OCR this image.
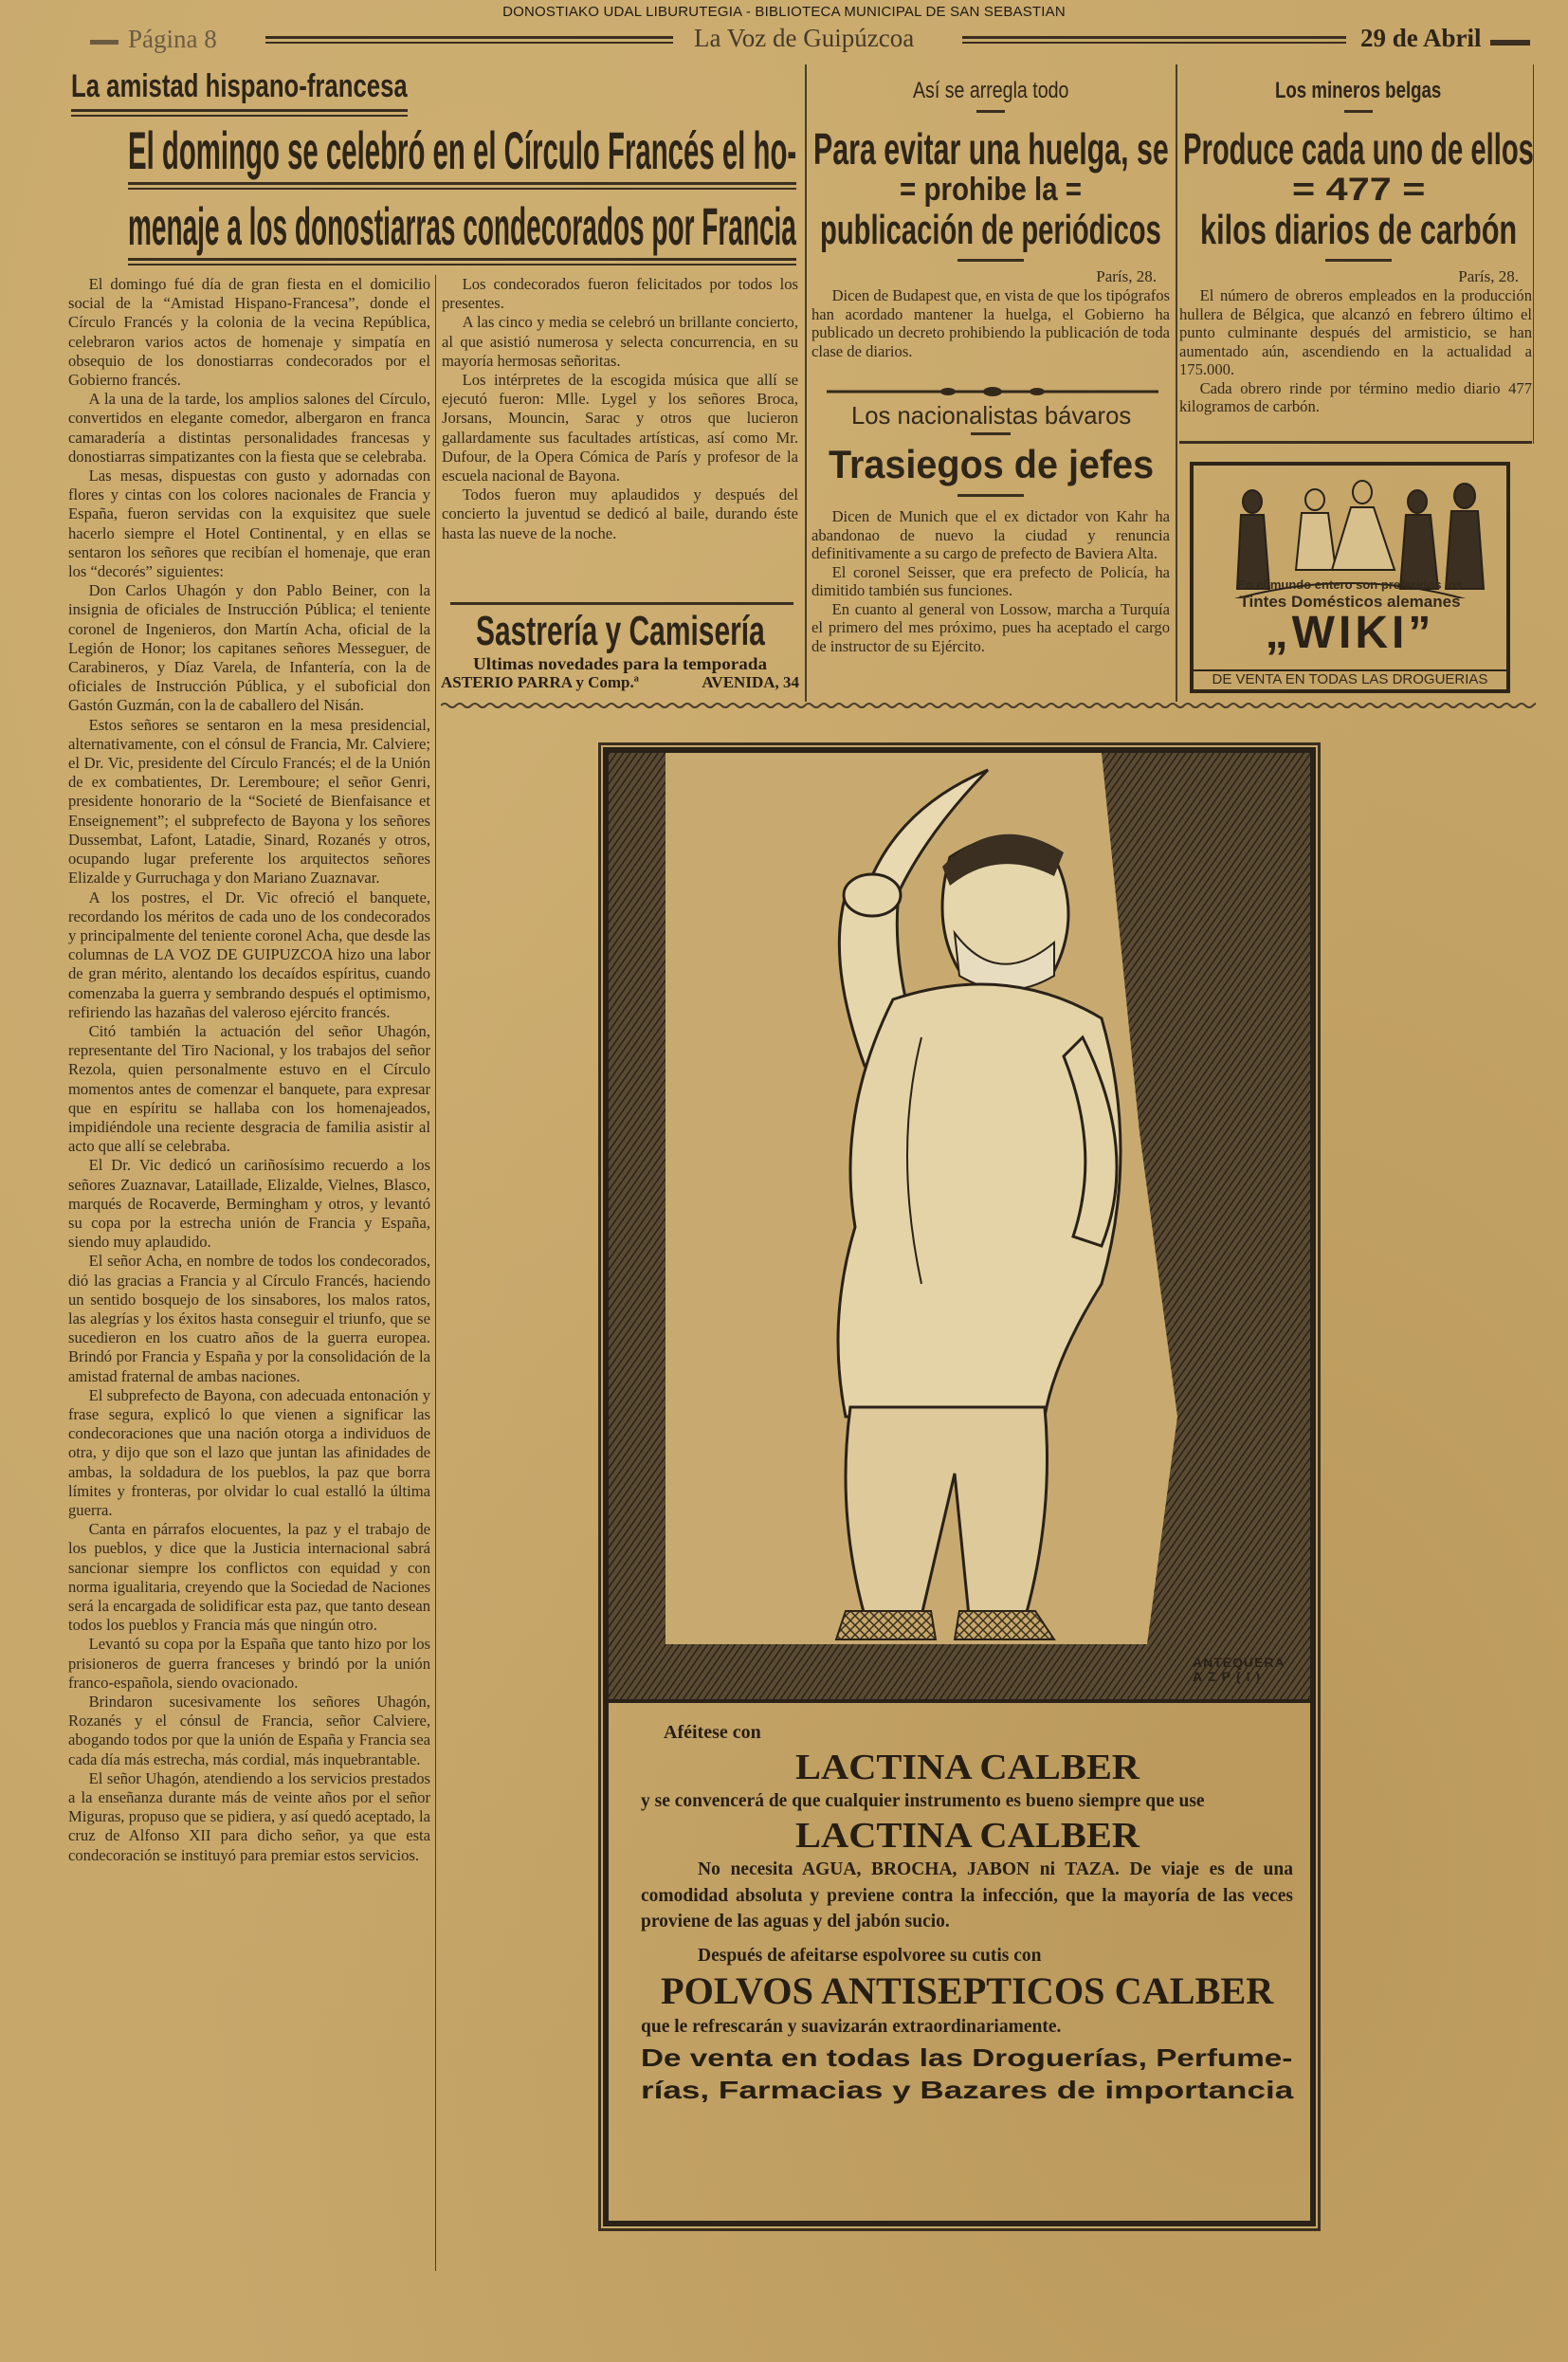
DONOSTIAKO UDAL LIBURUTEGIA - BIBLIOTECA MUNICIPAL DE SAN SEBASTIAN
Página 8	La Voz de Guipúzcoa	29 de Abril
La amistad hispano-francesa
El domingo se celebró en el Círculo Francés el ho-
menaje a los donostiarras condecorados por Francia

El domingo fué día de gran fiesta en el domicilio social de la “Amistad Hispano-Francesa”, donde el Círculo Francés y la colonia de la vecina República, celebraron varios actos de homenaje y simpatía en obsequio de los donostiarras condecorados por el Gobierno francés.

A la una de la tarde, los amplios salones del Círculo, convertidos en elegante comedor, albergaron en franca camaradería a distintas personalidades francesas y donostiarras simpatizantes con la fiesta que se celebraba.

Las mesas, dispuestas con gusto y adornadas con flores y cintas con los colores nacionales de Francia y España, fueron servidas con la exquisitez que suele hacerlo siempre el Hotel Continental, y en ellas se sentaron los señores que recibían el homenaje, que eran los “decorés” siguientes:

Don Carlos Uhagón y don Pablo Beiner, con la insignia de oficiales de Instrucción Pública; el teniente coronel de Ingenieros, don Martín Acha, oficial de la Legión de Honor; los capitanes señores Messeguer, de Carabineros, y Díaz Varela, de Infantería, con la de oficiales de Instrucción Pública, y el suboficial don Gastón Guzmán, con la de caballero del Nisán.

Estos señores se sentaron en la mesa presidencial, alternativamente, con el cónsul de Francia, Mr. Calviere; el Dr. Vic, presidente del Círculo Francés; el de la Unión de ex combatientes, Dr. Leremboure; el señor Genri, presidente honorario de la “Societé de Bienfaisance et Enseignement”; el subprefecto de Bayona y los señores Dussembat, Lafont, Latadie, Sinard, Rozanés y otros, ocupando lugar preferente los arquitectos señores Elizalde y Gurruchaga y don Mariano Zuaznavar.

A los postres, el Dr. Vic ofreció el banquete, recordando los méritos de cada uno de los condecorados y principalmente del teniente coronel Acha, que desde las columnas de LA VOZ DE GUIPUZCOA hizo una labor de gran mérito, alentando los decaídos espíritus, cuando comenzaba la guerra y sembrando después el optimismo, refiriendo las hazañas del valeroso ejército francés.

Citó también la actuación del señor Uhagón, representante del Tiro Nacional, y los trabajos del señor Rezola, quien personalmente estuvo en el Círculo momentos antes de comenzar el banquete, para expresar que en espíritu se hallaba con los homenajeados, impidiéndole una reciente desgracia de familia asistir al acto que allí se celebraba.

El Dr. Vic dedicó un cariñosísimo recuerdo a los señores Zuaznavar, Lataillade, Elizalde, Vielnes, Blasco, marqués de Rocaverde, Bermingham y otros, y levantó su copa por la estrecha unión de Francia y España, siendo muy aplaudido.

El señor Acha, en nombre de todos los condecorados, dió las gracias a Francia y al Círculo Francés, haciendo un sentido bosquejo de los sinsabores, los malos ratos, las alegrías y los éxitos hasta conseguir el triunfo, que se sucedieron en los cuatro años de la guerra europea. Brindó por Francia y España y por la consolidación de la amistad fraternal de ambas naciones.

El subprefecto de Bayona, con adecuada entonación y frase segura, explicó lo que vienen a significar las condecoraciones que una nación otorga a individuos de otra, y dijo que son el lazo que juntan las afinidades de ambas, la soldadura de los pueblos, la paz que borra límites y fronteras, por olvidar lo cual estalló la última guerra.

Canta en párrafos elocuentes, la paz y el trabajo de los pueblos, y dice que la Justicia internacional sabrá sancionar siempre los conflictos con equidad y con norma igualitaria, creyendo que la Sociedad de Naciones será la encargada de solidificar esta paz, que tanto desean todos los pueblos y Francia más que ningún otro.

Levantó su copa por la España que tanto hizo por los prisioneros de guerra franceses y brindó por la unión franco-española, siendo ovacionado.

Brindaron sucesivamente los señores Uhagón, Rozanés y el cónsul de Francia, señor Calviere, abogando todos por que la unión de España y Francia sea cada día más estrecha, más cordial, más inquebrantable.

El señor Uhagón, atendiendo a los servicios prestados a la enseñanza durante más de veinte años por el señor Miguras, propuso que se pidiera, y así quedó aceptado, la cruz de Alfonso XII para dicho señor, ya que esta condecoración se instituyó para premiar estos servicios.

Los condecorados fueron felicitados por todos los presentes.

A las cinco y media se celebró un brillante concierto, al que asistió numerosa y selecta concurrencia, en su mayoría hermosas señoritas.

Los intérpretes de la escogida música que allí se ejecutó fueron: Mlle. Lygel y los señores Broca, Jorsans, Mouncin, Sarac y otros que lucieron gallardamente sus facultades artísticas, así como Mr. Dufour, de la Opera Cómica de París y profesor de la escuela nacional de Bayona.

Todos fueron muy aplaudidos y después del concierto la juventud se dedicó al baile, durando éste hasta las nueve de la noche.

Sastrería y Camisería
Ultimas novedades para la temporada
ASTERIO PARRA y Comp.ª	AVENIDA, 34
Así se arregla todo
Para evitar una huelga, se
= prohibe la =
publicación de periódicos
París, 28.

Dicen de Budapest que, en vista de que los tipógrafos han acordado mantener la huelga, el Gobierno ha publicado un decreto prohibiendo la publicación de toda clase de diarios.

Los nacionalistas bávaros
Trasiegos de jefes

Dicen de Munich que el ex dictador von Kahr ha abandonao de nuevo la ciudad y renuncia definitivamente a su cargo de prefecto de Baviera Alta.

El coronel Seisser, que era prefecto de Policía, ha dimitido también sus funciones.

En cuanto al general von Lossow, marcha a Turquía el primero del mes próximo, pues ha aceptado el cargo de instructor de su Ejército.

Los mineros belgas
Produce cada uno de ellos
= 477 =
kilos diarios de carbón
París, 28.

El número de obreros empleados en la producción hullera de Bélgica, que alcanzó en febrero último el punto culminante después del armisticio, se han aumentado aún, ascendiendo en la actualidad a 175.000.

Cada obrero rinde por término medio diario 477 kilogramos de carbón.

En el mundo entero son preferidos los
Tintes Domésticos alemanes
„WIKI”
DE VENTA EN TODAS LAS DROGUERIAS
ANTEQUERA
AZP(I)
Aféitese con
LACTINA CALBER
y se convencerá de que cualquier instrumento es bueno siempre que use
LACTINA CALBER
No necesita AGUA, BROCHA, JABON ni TAZA. De viaje es de una comodidad absoluta y previene contra la infección, que la mayoría de las veces proviene de las aguas y del jabón sucio.
Después de afeitarse espolvoree su cutis con
POLVOS ANTISEPTICOS CALBER
que le refrescarán y suavizarán extraordinariamente.
De venta en todas las Droguerías, Perfume-
rías, Farmacias y Bazares de importancia
